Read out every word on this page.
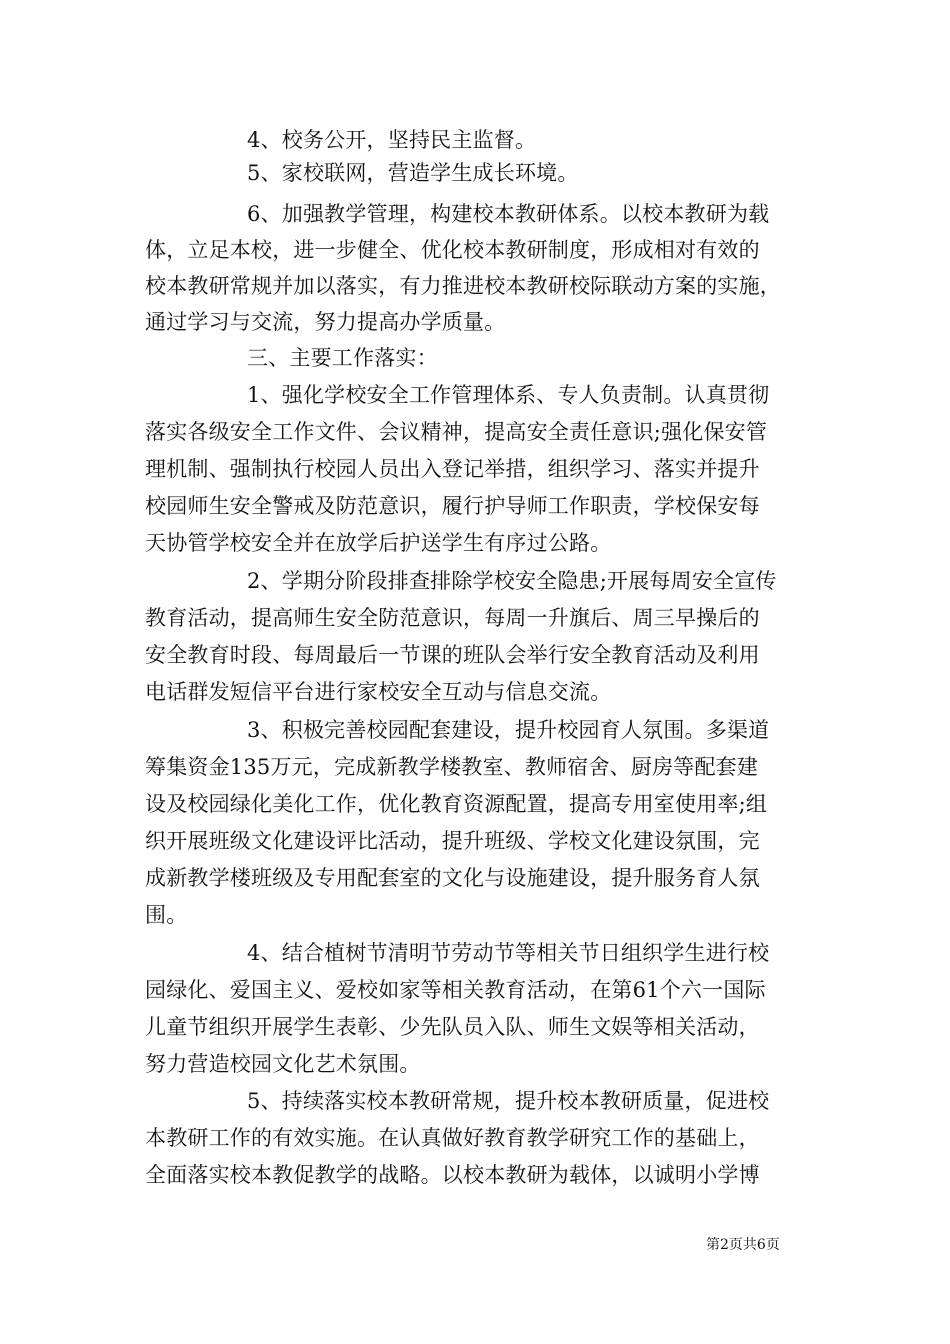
4、校务公开，坚持民主监督。
5、家校联网，营造学生成长环境。
6、加强教学管理，构建校本教研体系。以校本教研为载
体，立足本校，进一步健全、优化校本教研制度，形成相对有效的
校本教研常规并加以落实，有力推进校本教研校际联动方案的实施，
通过学习与交流，努力提高办学质量。
三、主要工作落实：
1、强化学校安全工作管理体系、专人负责制。认真贯彻
落实各级安全工作文件、会议精神，提高安全责任意识;强化保安管
理机制、强制执行校园人员出入登记举措，组织学习、落实并提升
校园师生安全警戒及防范意识，履行护导师工作职责，学校保安每
天协管学校安全并在放学后护送学生有序过公路。
2、学期分阶段排查排除学校安全隐患;开展每周安全宣传
教育活动，提高师生安全防范意识，每周一升旗后、周三早操后的
安全教育时段、每周最后一节课的班队会举行安全教育活动及利用
电话群发短信平台进行家校安全互动与信息交流。
3、积极完善校园配套建设，提升校园育人氛围。多渠道
筹集资金135万元，完成新教学楼教室、教师宿舍、厨房等配套建
设及校园绿化美化工作，优化教育资源配置，提高专用室使用率;组
织开展班级文化建设评比活动，提升班级、学校文化建设氛围，完
成新教学楼班级及专用配套室的文化与设施建设，提升服务育人氛
围。
4、结合植树节清明节劳动节等相关节日组织学生进行校
园绿化、爱国主义、爱校如家等相关教育活动，在第61个六一国际
儿童节组织开展学生表彰、少先队员入队、师生文娱等相关活动，
努力营造校园文化艺术氛围。
5、持续落实校本教研常规，提升校本教研质量，促进校
本教研工作的有效实施。在认真做好教育教学研究工作的基础上，
全面落实校本教促教学的战略。以校本教研为载体，以诚明小学博
第2页共6页
